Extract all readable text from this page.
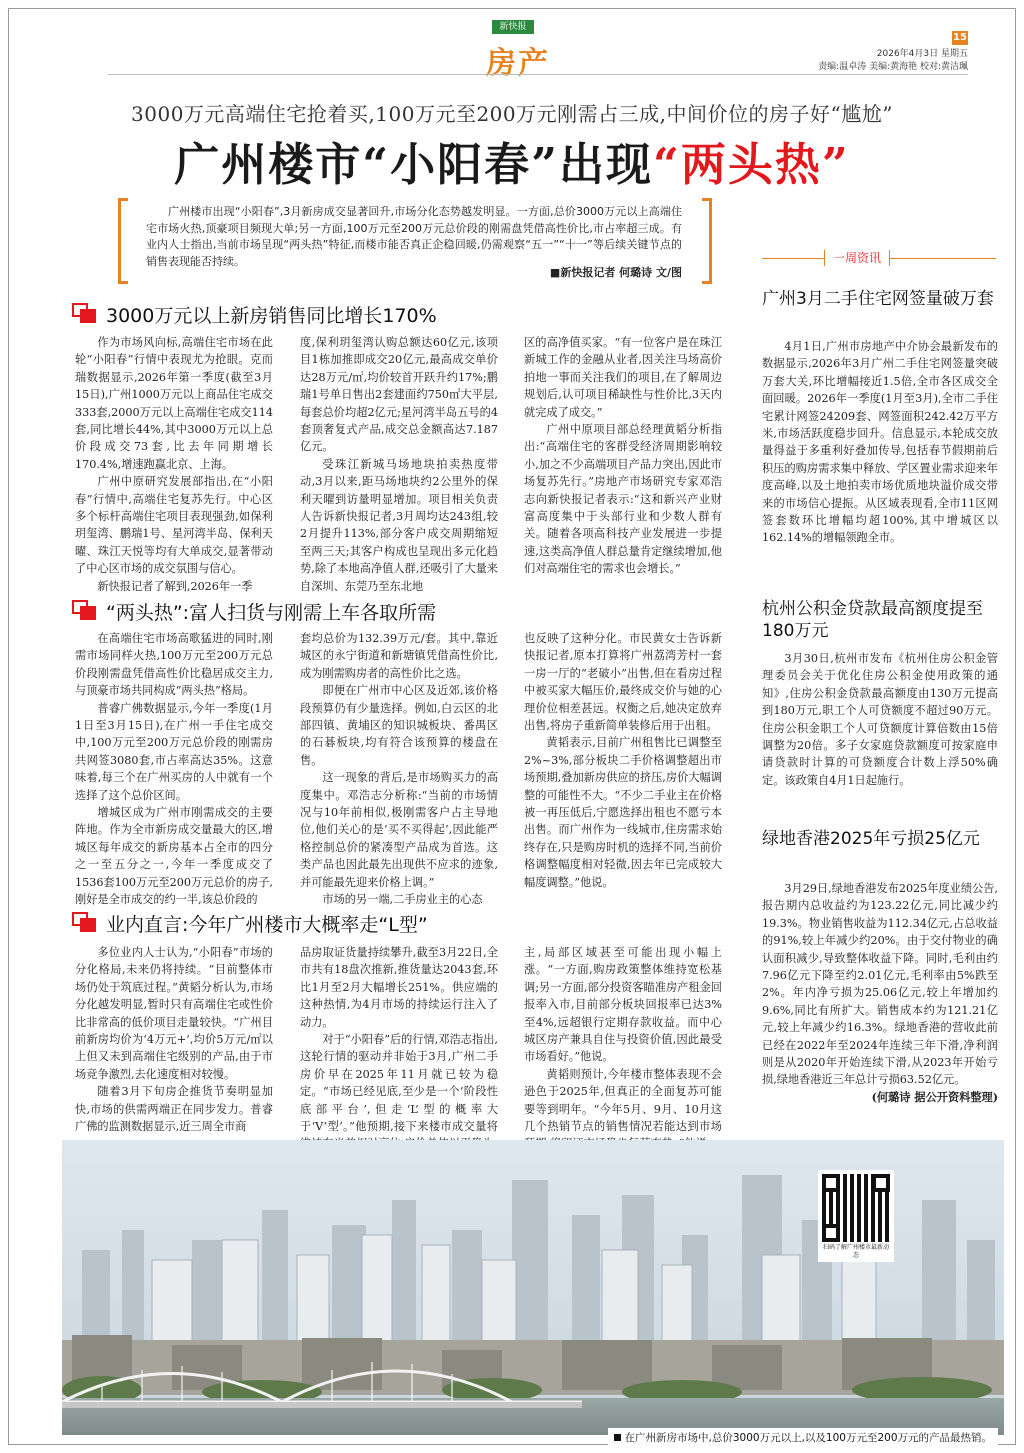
新快报
房产
15
2026年4月3日 星期五
责编:温卓涛 美编:黄海艳 校对:黄洁珮
3000万元高端住宅抢着买,100万元至200万元刚需占三成,中间价位的房子好“尴尬”
广州楼市“小阳春”出现“两头热”

广州楼市出现“小阳春”,3月新房成交显著回升,市场分化态势越发明显。一方面,总价3000万元以上高端住宅市场火热,顶豪项目频现大单;另一方面,100万元至200万元总价段的刚需盘凭借高性价比,市占率超三成。有业内人士指出,当前市场呈现“两头热”特征,而楼市能否真正企稳回暖,仍需观察“五一”“十一”等后续关键节点的销售表现能否持续。

■新快报记者 何璐诗 文/图
3000万元以上新房销售同比增长170%

作为市场风向标,高端住宅市场在此轮“小阳春”行情中表现尤为抢眼。克而瑞数据显示,2026年第一季度(截至3月15日),广州1000万元以上商品住宅成交333套,2000万元以上高端住宅成交114套,同比增长44%,其中3000万元以上总价段成交73套,比去年同期增长170.4%,增速跑赢北京、上海。

广州中原研究发展部指出,在“小阳春”行情中,高端住宅复苏先行。中心区多个标杆高端住宅项目表现强劲,如保利玥玺湾、鹏瑞1号、星河湾半岛、保利天曜、珠江天悦等均有大单成交,显著带动了中心区市场的成交氛围与信心。

新快报记者了解到,2026年一季

度,保利玥玺湾认购总额达60亿元,该项目1栋加推即成交20亿元,最高成交单价达28万元/㎡,均价较首开跃升约17%;鹏瑞1号单日售出2套建面约750㎡大平层,每套总价均超2亿元;星河湾半岛五号的4套顶奢复式产品,成交总金额高达7.187亿元。

受珠江新城马场地块拍卖热度带动,3月以来,距马场地块约2公里外的保利天曜到访量明显增加。项目相关负责人告诉新快报记者,3月周均达243组,较2月提升113%,部分客户成交周期缩短至两三天;其客户构成也呈现出多元化趋势,除了本地高净值人群,还吸引了大量来自深圳、东莞乃至东北地

区的高净值买家。“有一位客户是在珠江新城工作的金融从业者,因关注马场高价拍地一事而关注我们的项目,在了解周边规划后,认可项目稀缺性与性价比,3天内就完成了成交。”

广州中原项目部总经理黄韬分析指出:“高端住宅的客群受经济周期影响较小,加之不少高端项目产品力突出,因此市场复苏先行。”房地产市场研究专家邓浩志向新快报记者表示:“这和新兴产业财富高度集中于头部行业和少数人群有关。随着各项高科技产业发展进一步提速,这类高净值人群总量肯定继续增加,他们对高端住宅的需求也会增长。”

“两头热”:富人扫货与刚需上车各取所需

在高端住宅市场高歌猛进的同时,刚需市场同样火热,100万元至200万元总价段刚需盘凭借高性价比稳居成交主力,与顶豪市场共同构成“两头热”格局。

普睿广佛数据显示,今年一季度(1月1日至3月15日),在广州一手住宅成交中,100万元至200万元总价段的刚需房共网签3080套,市占率高达35%。这意味着,每三个在广州买房的人中就有一个选择了这个总价区间。

增城区成为广州市刚需成交的主要阵地。作为全市新房成交量最大的区,增城区每年成交的新房基本占全市的四分之一至五分之一,今年一季度成交了1536套100万元至200万元总价的房子,刚好是全市成交的约一半,该总价段的

套均总价为132.39万元/套。其中,靠近城区的永宁街道和新塘镇凭借高性价比,成为刚需购房者的高性价比之选。

即便在广州市中心区及近郊,该价格段预算仍有少量选择。例如,白云区的北部四镇、黄埔区的知识城板块、番禺区的石碁板块,均有符合该预算的楼盘在售。

这一现象的背后,是市场购买力的高度集中。邓浩志分析称:“当前的市场情况与10年前相似,极刚需客户占主导地位,他们关心的是‘买不买得起’,因此能严格控制总价的紧凑型产品成为首选。这类产品也因此最先出现供不应求的迹象,并可能最先迎来价格上调。”

市场的另一端,二手房业主的心态

也反映了这种分化。市民黄女士告诉新快报记者,原本打算将广州荔湾芳村一套一房一厅的“老破小”出售,但在看房过程中被买家大幅压价,最终成交价与她的心理价位相差甚远。权衡之后,她决定放弃出售,将房子重新简单装修后用于出租。

黄韬表示,目前广州租售比已调整至2%~3%,部分板块二手价格调整超出市场预期,叠加新房供应的挤压,房价大幅调整的可能性不大。“不少二手业主在价格被一再压低后,宁愿选择出租也不愿亏本出售。而广州作为一线城市,住房需求始终存在,只是购房时机的选择不同,当前价格调整幅度相对轻微,因去年已完成较大幅度调整。”他说。

业内直言:今年广州楼市大概率走“L型”

多位业内人士认为,“小阳春”市场的分化格局,未来仍将持续。“目前整体市场仍处于筑底过程。”黄韬分析认为,市场分化越发明显,暂时只有高端住宅或性价比非常高的低价项目走量较快。“广州目前新房均价为‘4万元+’,均价5万元/㎡以上但又未到高端住宅级别的产品,由于市场竞争激烈,去化速度相对较慢。

随着3月下旬房企推货节奏明显加快,市场的供需两端正在同步发力。普睿广佛的监测数据显示,近三周全市商

品房取证货量持续攀升,截至3月22日,全市共有18盘次推新,推货量达2043套,环比1月至2月大幅增长251%。供应端的这种热情,为4月市场的持续运行注入了动力。

对于“小阳春”后的行情,邓浩志指出,这轮行情的驱动并非始于3月,广州二手房价早在2025年11月就已较为稳定。“市场已经见底,至少是一个‘阶段性底部平台’,但走‘L’型的概率大于‘V’型’。”他预期,接下来楼市成交量将

主,局部区域甚至可能出现小幅上涨。“一方面,购房政策整体维持宽松基调;另一方面,部分投资客瞄准房产租金回报率入市,目前部分板块回报率已达3%至4%,远超银行定期存款收益。而中心城区房产兼具自住与投资价值,因此最受市场看好。”他说。

黄韬则预计,今年楼市整体表现不会逊色于2025年,但真正的全面复苏可能要等到明年。“今年5月、9月、10月这几个热销节点的销售情况若能达到市场

一周资讯
广州3月二手住宅网签量破万套

4月1日,广州市房地产中介协会最新发布的数据显示,2026年3月广州二手住宅网签量突破万套大关,环比增幅接近1.5倍,全市各区成交全面回暖。2026年一季度(1月至3月),全市二手住宅累计网签24209套、网签面积242.42万平方米,市场活跃度稳步回升。信息显示,本轮成交放量得益于多重利好叠加传导,包括春节假期前后积压的购房需求集中释放、学区置业需求迎来年度高峰,以及土地拍卖市场优质地块溢价成交带来的市场信心提振。从区域表现看,全市11区网签套数环比增幅均超100%,其中增城区以162.14%的增幅领跑全市。

杭州公积金贷款最高额度提至180万元

3月30日,杭州市发布《杭州住房公积金管理委员会关于优化住房公积金使用政策的通知》,住房公积金贷款最高额度由130万元提高到180万元,职工个人可贷额度不超过90万元。住房公积金职工个人可贷额度计算倍数由15倍调整为20倍。多子女家庭贷款额度可按家庭申请贷款时计算的可贷额度合计数上浮50%确定。该政策自4月1日起施行。

绿地香港2025年亏损25亿元

3月29日,绿地香港发布2025年度业绩公告,报告期内总收益约为123.22亿元,同比减少约19.3%。物业销售收益为112.34亿元,占总收益的91%,较上年减少约20%。由于交付物业的确认面积减少,导致整体收益下降。同时,毛利由约7.96亿元下降至约2.01亿元,毛利率由5%跌至2%。年内净亏损为25.06亿元,较上年增加约9.6%,同比有所扩大。销售成本约为121.21亿元,较上年减少约16.3%。绿地香港的营收此前已经在2022年至2024年连续三年下滑,净利润则是从2020年开始连续下滑,从2023年开始亏损,绿地香港近三年总计亏损63.52亿元。

(何璐诗 据公开资料整理)

扫码了解广州楼市最新动态
在广州新房市场中,总价3000万元以上,以及100万元至200万元的产品最热销。
